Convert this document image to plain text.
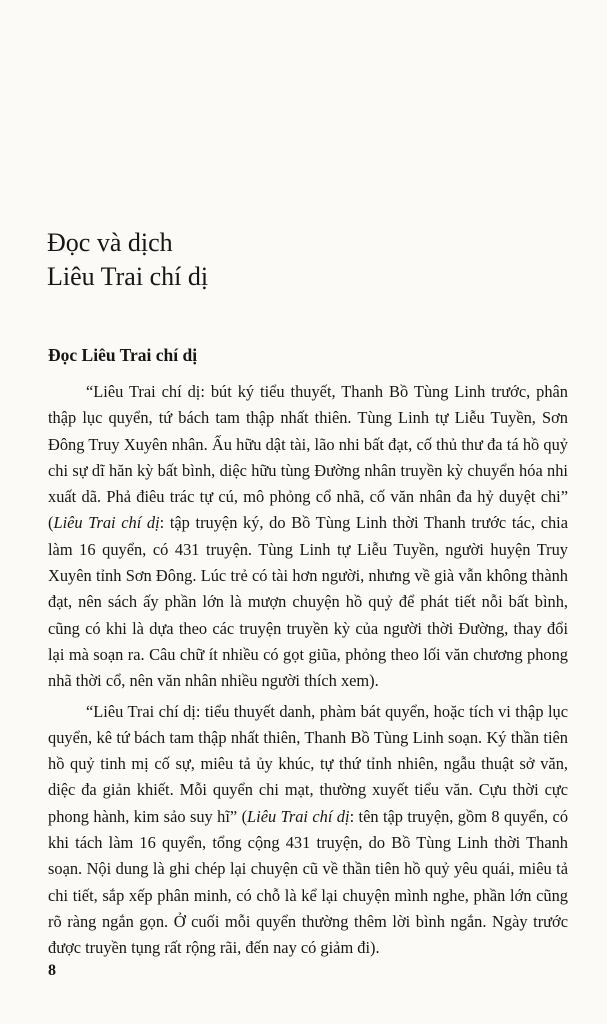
Đọc và dịch
Liêu Trai chí dị
Đọc Liêu Trai chí dị

“Liêu Trai chí dị: bút ký tiểu thuyết, Thanh Bồ Tùng Linh trước, phân thập lục quyển, tứ bách tam thập nhất thiên. Tùng Linh tự Liễu Tuyền, Sơn Đông Truy Xuyên nhân. Ấu hữu dật tài, lão nhi bất đạt, cố thủ thư đa tá hồ quỷ chi sự dĩ hăn kỳ bất bình, diệc hữu tùng Đường nhân truyền kỳ chuyển hóa nhi xuất dã. Phả điêu trác tự cú, mô phỏng cổ nhã, cố văn nhân đa hỷ duyệt chi” (Liêu Trai chí dị: tập truyện ký, do Bồ Tùng Linh thời Thanh trước tác, chia làm 16 quyển, có 431 truyện. Tùng Linh tự Liễu Tuyền, người huyện Truy Xuyên tỉnh Sơn Đông. Lúc trẻ có tài hơn người, nhưng về già vẫn không thành đạt, nên sách ấy phần lớn là mượn chuyện hồ quỷ để phát tiết nỗi bất bình, cũng có khi là dựa theo các truyện truyền kỳ của người thời Đường, thay đổi lại mà soạn ra. Câu chữ ít nhiều có gọt giũa, phỏng theo lối văn chương phong nhã thời cổ, nên văn nhân nhiều người thích xem).

“Liêu Trai chí dị: tiểu thuyết danh, phàm bát quyển, hoặc tích vi thập lục quyển, kê tứ bách tam thập nhất thiên, Thanh Bồ Tùng Linh soạn. Ký thần tiên hồ quỷ tinh mị cố sự, miêu tả ủy khúc, tự thứ tỉnh nhiên, ngẫu thuật sở văn, diệc đa giản khiết. Mỗi quyển chi mạt, thường xuyết tiểu văn. Cựu thời cực phong hành, kim sảo suy hĩ” (Liêu Trai chí dị: tên tập truyện, gồm 8 quyển, có khi tách làm 16 quyển, tổng cộng 431 truyện, do Bồ Tùng Linh thời Thanh soạn. Nội dung là ghi chép lại chuyện cũ về thần tiên hồ quỷ yêu quái, miêu tả chi tiết, sắp xếp phân minh, có chỗ là kể lại chuyện mình nghe, phần lớn cũng rõ ràng ngắn gọn. Ở cuối mỗi quyển thường thêm lời bình ngắn. Ngày trước được truyền tụng rất rộng rãi, đến nay có giảm đi).

8
